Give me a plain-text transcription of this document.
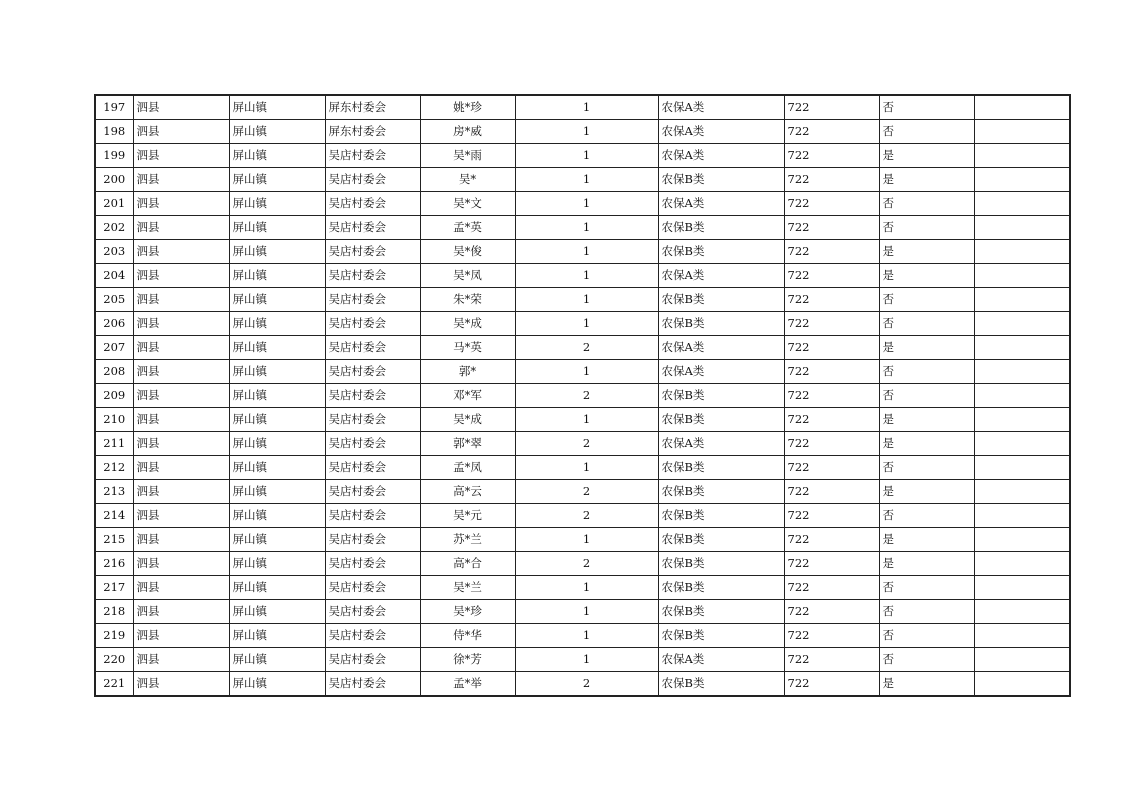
197	泗县	屏山镇	屏东村委会	姚*珍	1	农保A类	722	否	
198	泗县	屏山镇	屏东村委会	房*威	1	农保A类	722	否	
199	泗县	屏山镇	吴店村委会	吴*雨	1	农保A类	722	是	
200	泗县	屏山镇	吴店村委会	吴*	1	农保B类	722	是	
201	泗县	屏山镇	吴店村委会	吴*文	1	农保A类	722	否	
202	泗县	屏山镇	吴店村委会	孟*英	1	农保B类	722	否	
203	泗县	屏山镇	吴店村委会	吴*俊	1	农保B类	722	是	
204	泗县	屏山镇	吴店村委会	吴*凤	1	农保A类	722	是	
205	泗县	屏山镇	吴店村委会	朱*荣	1	农保B类	722	否	
206	泗县	屏山镇	吴店村委会	吴*成	1	农保B类	722	否	
207	泗县	屏山镇	吴店村委会	马*英	2	农保A类	722	是	
208	泗县	屏山镇	吴店村委会	郭*	1	农保A类	722	否	
209	泗县	屏山镇	吴店村委会	邓*军	2	农保B类	722	否	
210	泗县	屏山镇	吴店村委会	吴*成	1	农保B类	722	是	
211	泗县	屏山镇	吴店村委会	郭*翠	2	农保A类	722	是	
212	泗县	屏山镇	吴店村委会	孟*凤	1	农保B类	722	否	
213	泗县	屏山镇	吴店村委会	高*云	2	农保B类	722	是	
214	泗县	屏山镇	吴店村委会	吴*元	2	农保B类	722	否	
215	泗县	屏山镇	吴店村委会	苏*兰	1	农保B类	722	是	
216	泗县	屏山镇	吴店村委会	高*合	2	农保B类	722	是	
217	泗县	屏山镇	吴店村委会	吴*兰	1	农保B类	722	否	
218	泗县	屏山镇	吴店村委会	吴*珍	1	农保B类	722	否	
219	泗县	屏山镇	吴店村委会	侍*华	1	农保B类	722	否	
220	泗县	屏山镇	吴店村委会	徐*芳	1	农保A类	722	否	
221	泗县	屏山镇	吴店村委会	孟*举	2	农保B类	722	是	
